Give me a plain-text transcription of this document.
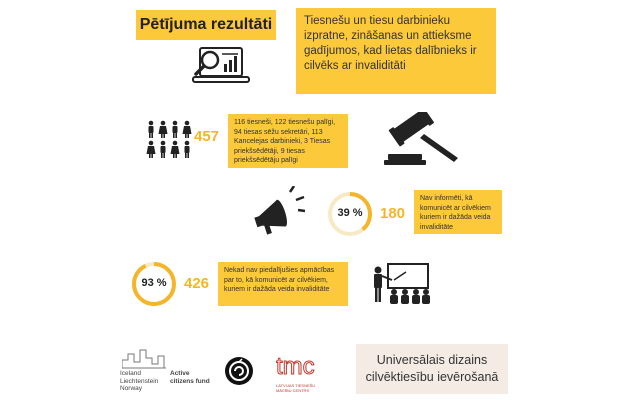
Pētījuma rezultāti	Tiesnešu un tiesu darbinieku izpratne, zināšanas un attieksme gadījumos, kad lietas dalībnieks ir cilvēks ar invaliditāti
457
116 tiesneši, 122 tiesnešu palīgi, 94 tiesas sēžu sekretāri, 113 Kancelejas darbinieki, 3 Tiesas priekšsēdētāji, 9 tiesas priekšsēdētāju palīgi
39 %	180
Nav informēti, kā komunicēt ar cilvēkiem kuriem ir dažāda veida invaliditāte
93 %	426
Nekad nav piedalījušies apmācības par to, kā komunicēt ar cilvēkiem, kuriem ir dažāda veida invaliditāte
Iceland
Liechtenstein
Norway
Active
citizens fund
tmc
LATVIJAS TIESNEŠU MĀCĪBU CENTRS
Universālais dizains
cilvēktiesību ievērošanā
